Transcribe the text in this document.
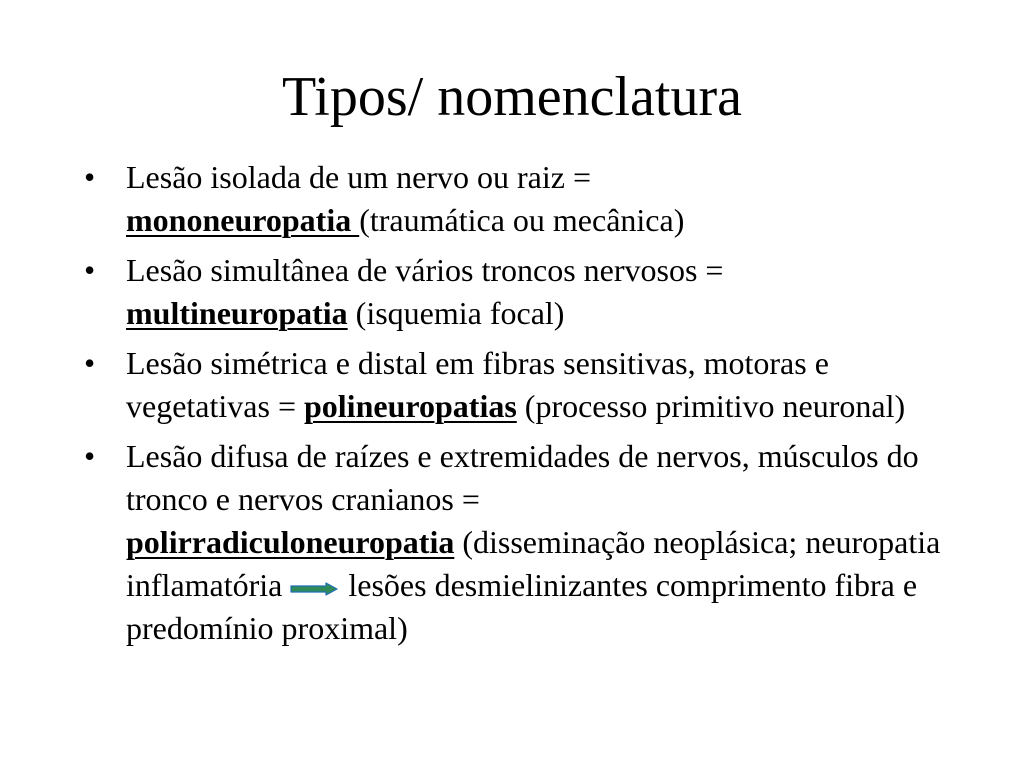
Tipos/ nomenclatura
• Lesão isolada de um nervo ou raiz =
mononeuropatia (traumática ou mecânica)
• Lesão simultânea de vários troncos nervosos =
multineuropatia (isquemia focal)
• Lesão simétrica e distal em fibras sensitivas, motoras e vegetativas = polineuropatias (processo primitivo neuronal)
• Lesão difusa de raízes e extremidades de nervos, músculos do tronco e nervos cranianos =
polirradiculoneuropatia (disseminação neoplásica; neuropatia inflamatória lesões desmielinizantes comprimento fibra e predomínio proximal)
